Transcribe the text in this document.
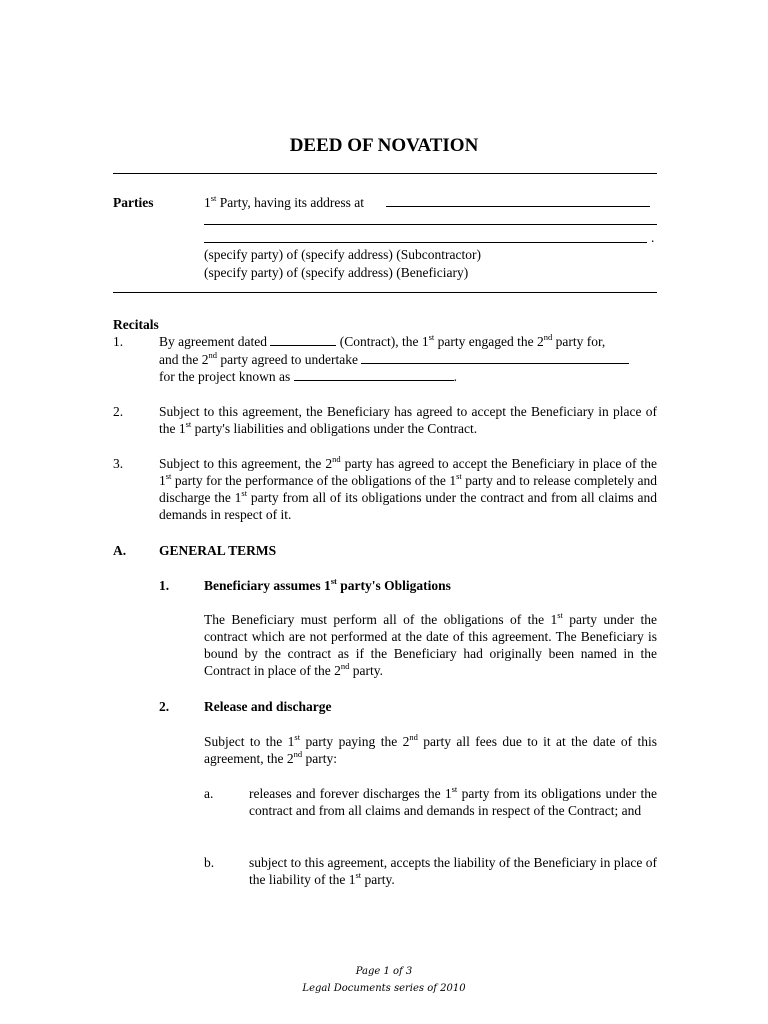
DEED OF NOVATION
Parties	1st Party, having its address at
.
(specify party) of (specify address) (Subcontractor)
(specify party) of (specify address) (Beneficiary)
Recitals
1.	By agreement dated	(Contract), the 1st party engaged the 2nd party for,
and the 2nd party agreed to undertake
for the project known as	.
2.	Subject to this agreement, the Beneficiary has agreed to accept the Beneficiary in place of the 1st party's liabilities and obligations under the Contract.
3.	Subject to this agreement, the 2nd party has agreed to accept the Beneficiary in place of the 1st party for the performance of the obligations of the 1st party and to release completely and discharge the 1st party from all of its obligations under the contract and from all claims and demands in respect of it.
A. GENERAL TERMS
1.	Beneficiary assumes 1st party's Obligations
The Beneficiary must perform all of the obligations of the 1st party under the contract which are not performed at the date of this agreement. The Beneficiary is bound by the contract as if the Beneficiary had originally been named in the Contract in place of the 2nd party.
2.	Release and discharge
Subject to the 1st party paying the 2nd party all fees due to it at the date of this agreement, the 2nd party:
a.	releases and forever discharges the 1st party from its obligations under the contract and from all claims and demands in respect of the Contract; and
b.	subject to this agreement, accepts the liability of the Beneficiary in place of the liability of the 1st party.
Page 1 of 3
Legal Documents series of 2010
